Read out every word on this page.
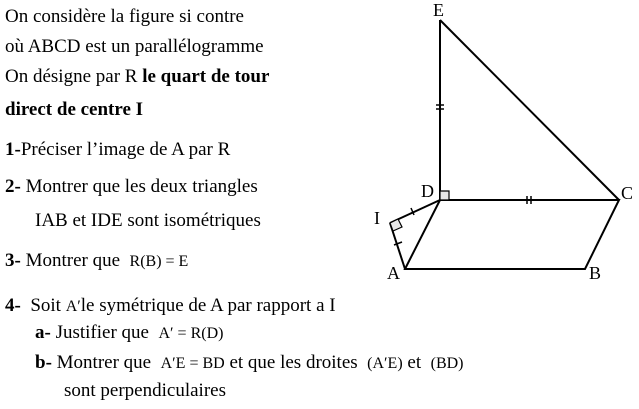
On considère la figure si contre
où ABCD est un parallélogramme
On désigne par R le quart de tour
direct de centre I
1-Préciser l’image de A par R
2- Montrer que les deux triangles
IAB et IDE sont isométriques
3- Montrer que R(B) = E
4- Soit A′le symétrique de A par rapport a I
a- Justifier que A′ = R(D)
b- Montrer que A′E = BD et que les droites (A′E) et (BD)
sont perpendiculaires
E
D	C
I
A	B
